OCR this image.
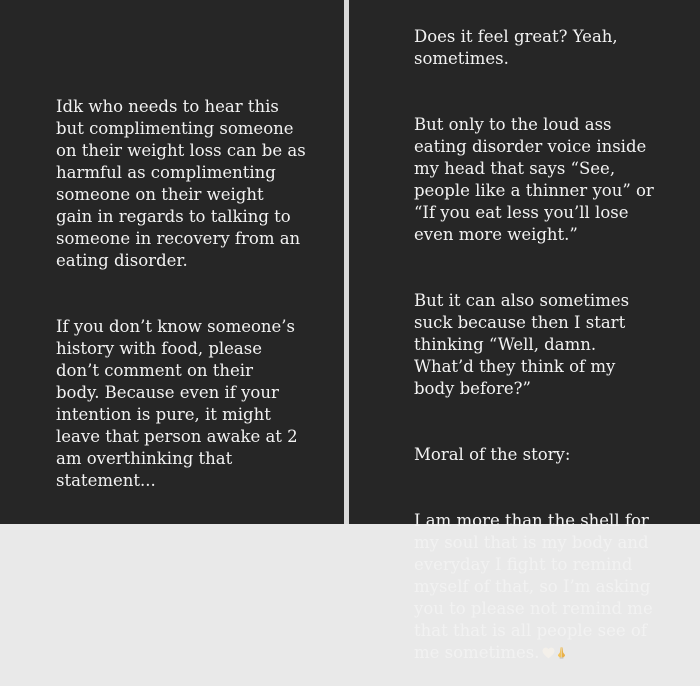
Idk who needs to hear this
but complimenting someone
on their weight loss can be as
harmful as complimenting
someone on their weight
gain in regards to talking to
someone in recovery from an
eating disorder.

If you don’t know someone’s
history with food, please
don’t comment on their
body. Because even if your
intention is pure, it might
leave that person awake at 2
am overthinking that
statement...

Does it feel great? Yeah,
sometimes.

But only to the loud ass
eating disorder voice inside
my head that says “See,
people like a thinner you” or
“If you eat less you’ll lose
even more weight.”

But it can also sometimes
suck because then I start
thinking “Well, damn.
What’d they think of my
body before?”

Moral of the story:

I am more than the shell for
my soul that is my body and
everyday I fight to remind
myself of that, so I’m asking
you to please not remind me
that that is all people see of
me sometimes.
